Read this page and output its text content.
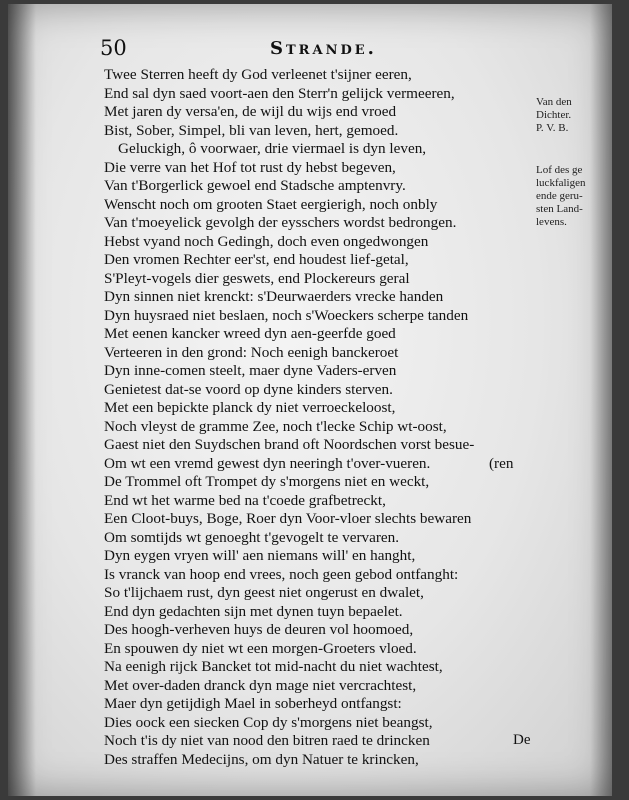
50	Strande.
Twee Sterren heeft dy God verleenet t'sijner eeren,
End sal dyn saed voort-aen den Sterr'n gelijck vermeeren,
Met jaren dy versa'en, de wijl du wijs end vroed
Bist, Sober, Simpel, bli van leven, hert, gemoed.
Geluckigh, ô voorwaer, drie viermael is dyn leven,
Die verre van het Hof tot rust dy hebst begeven,
Van t'Borgerlick gewoel end Stadsche amptenvry.
Wenscht noch om grooten Staet eergierigh, noch onbly
Van t'moeyelick gevolgh der eysschers wordst bedrongen.
Hebst vyand noch Gedingh, doch even ongedwongen
Den vromen Rechter eer'st, end houdest lief-getal,
S'Pleyt-vogels dier geswets, end Plockereurs geral
Dyn sinnen niet krenckt: s'Deurwaerders vrecke handen
Dyn huysraed niet beslaen, noch s'Woeckers scherpe tanden
Met eenen kancker wreed dyn aen-geerfde goed
Verteeren in den grond: Noch eenigh banckeroet
Dyn inne-comen steelt, maer dyne Vaders-erven
Genietest dat-se voord op dyne kinders sterven.
Met een bepickte planck dy niet verroeckeloost,
Noch vleyst de gramme Zee, noch t'lecke Schip wt-oost,
Gaest niet den Suydschen brand oft Noordschen vorst besue-
Om wt een vremd gewest dyn neeringh t'over-vueren.	(ren
De Trommel oft Trompet dy s'morgens niet en weckt,
End wt het warme bed na t'coede grafbetreckt,
Een Cloot-buys, Boge, Roer dyn Voor-vloer slechts bewaren
Om somtijds wt genoeght t'gevogelt te vervaren.
Dyn eygen vryen will' aen niemans will' en hanght,
Is vranck van hoop end vrees, noch geen gebod ontfanght:
So t'lijchaem rust, dyn geest niet ongerust en dwalet,
End dyn gedachten sijn met dynen tuyn bepaelet.
Des hoogh-verheven huys de deuren vol hoomoed,
En spouwen dy niet wt een morgen-Groeters vloed.
Na eenigh rijck Bancket tot mid-nacht du niet wachtest,
Met over-daden dranck dyn mage niet vercrachtest,
Maer dyn getijdigh Mael in soberheyd ontfangst:
Dies oock een siecken Cop dy s'morgens niet beangst,
Noch t'is dy niet van nood den bitren raed te drincken
Des straffen Medecijns, om dyn Natuer te krincken,
Van den
Dichter.
P. V. B.
Lof des ge
luckfaligen
ende geru-
sten Land-
levens.
De
